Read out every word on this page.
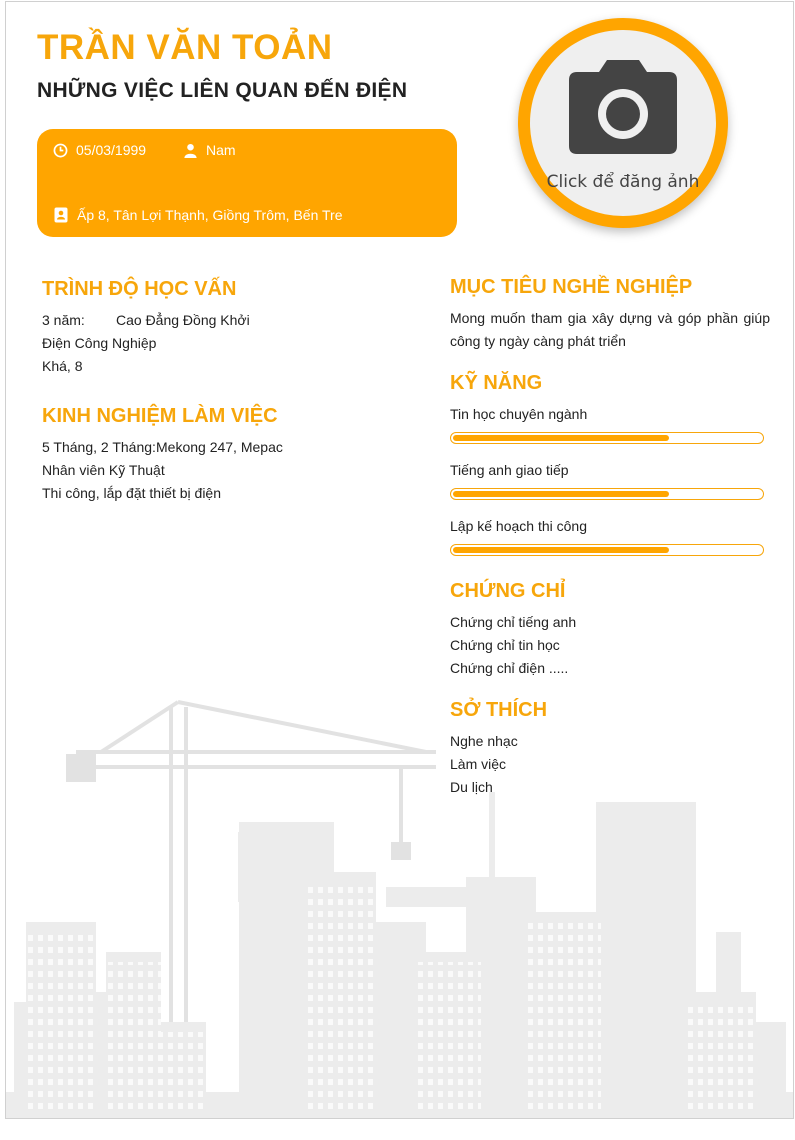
TRẦN VĂN TOẢN
NHỮNG VIỆC LIÊN QUAN ĐẾN ĐIỆN
05/03/1999	Nam
Ấp 8, Tân Lợi Thạnh, Giồng Trôm, Bến Tre
Click để đăng ảnh
TRÌNH ĐỘ HỌC VẤN
3 năm: Cao Đẳng Đồng Khởi
Điện Công Nghiệp
Khá, 8
KINH NGHIỆM LÀM VIỆC
5 Tháng, 2 Tháng: Mekong 247, Mepac
Nhân viên Kỹ Thuật
Thi công, lắp đặt thiết bị điện
MỤC TIÊU NGHỀ NGHIỆP

Mong muốn tham gia xây dựng và góp phần giúp công ty ngày càng phát triển

KỸ NĂNG
Tin học chuyên ngành
Tiếng anh giao tiếp
Lập kế hoạch thi công
CHỨNG CHỈ
Chứng chỉ tiếng anh
Chứng chỉ tin học
Chứng chỉ điện .....
SỞ THÍCH
Nghe nhạc
Làm việc
Du lịch
